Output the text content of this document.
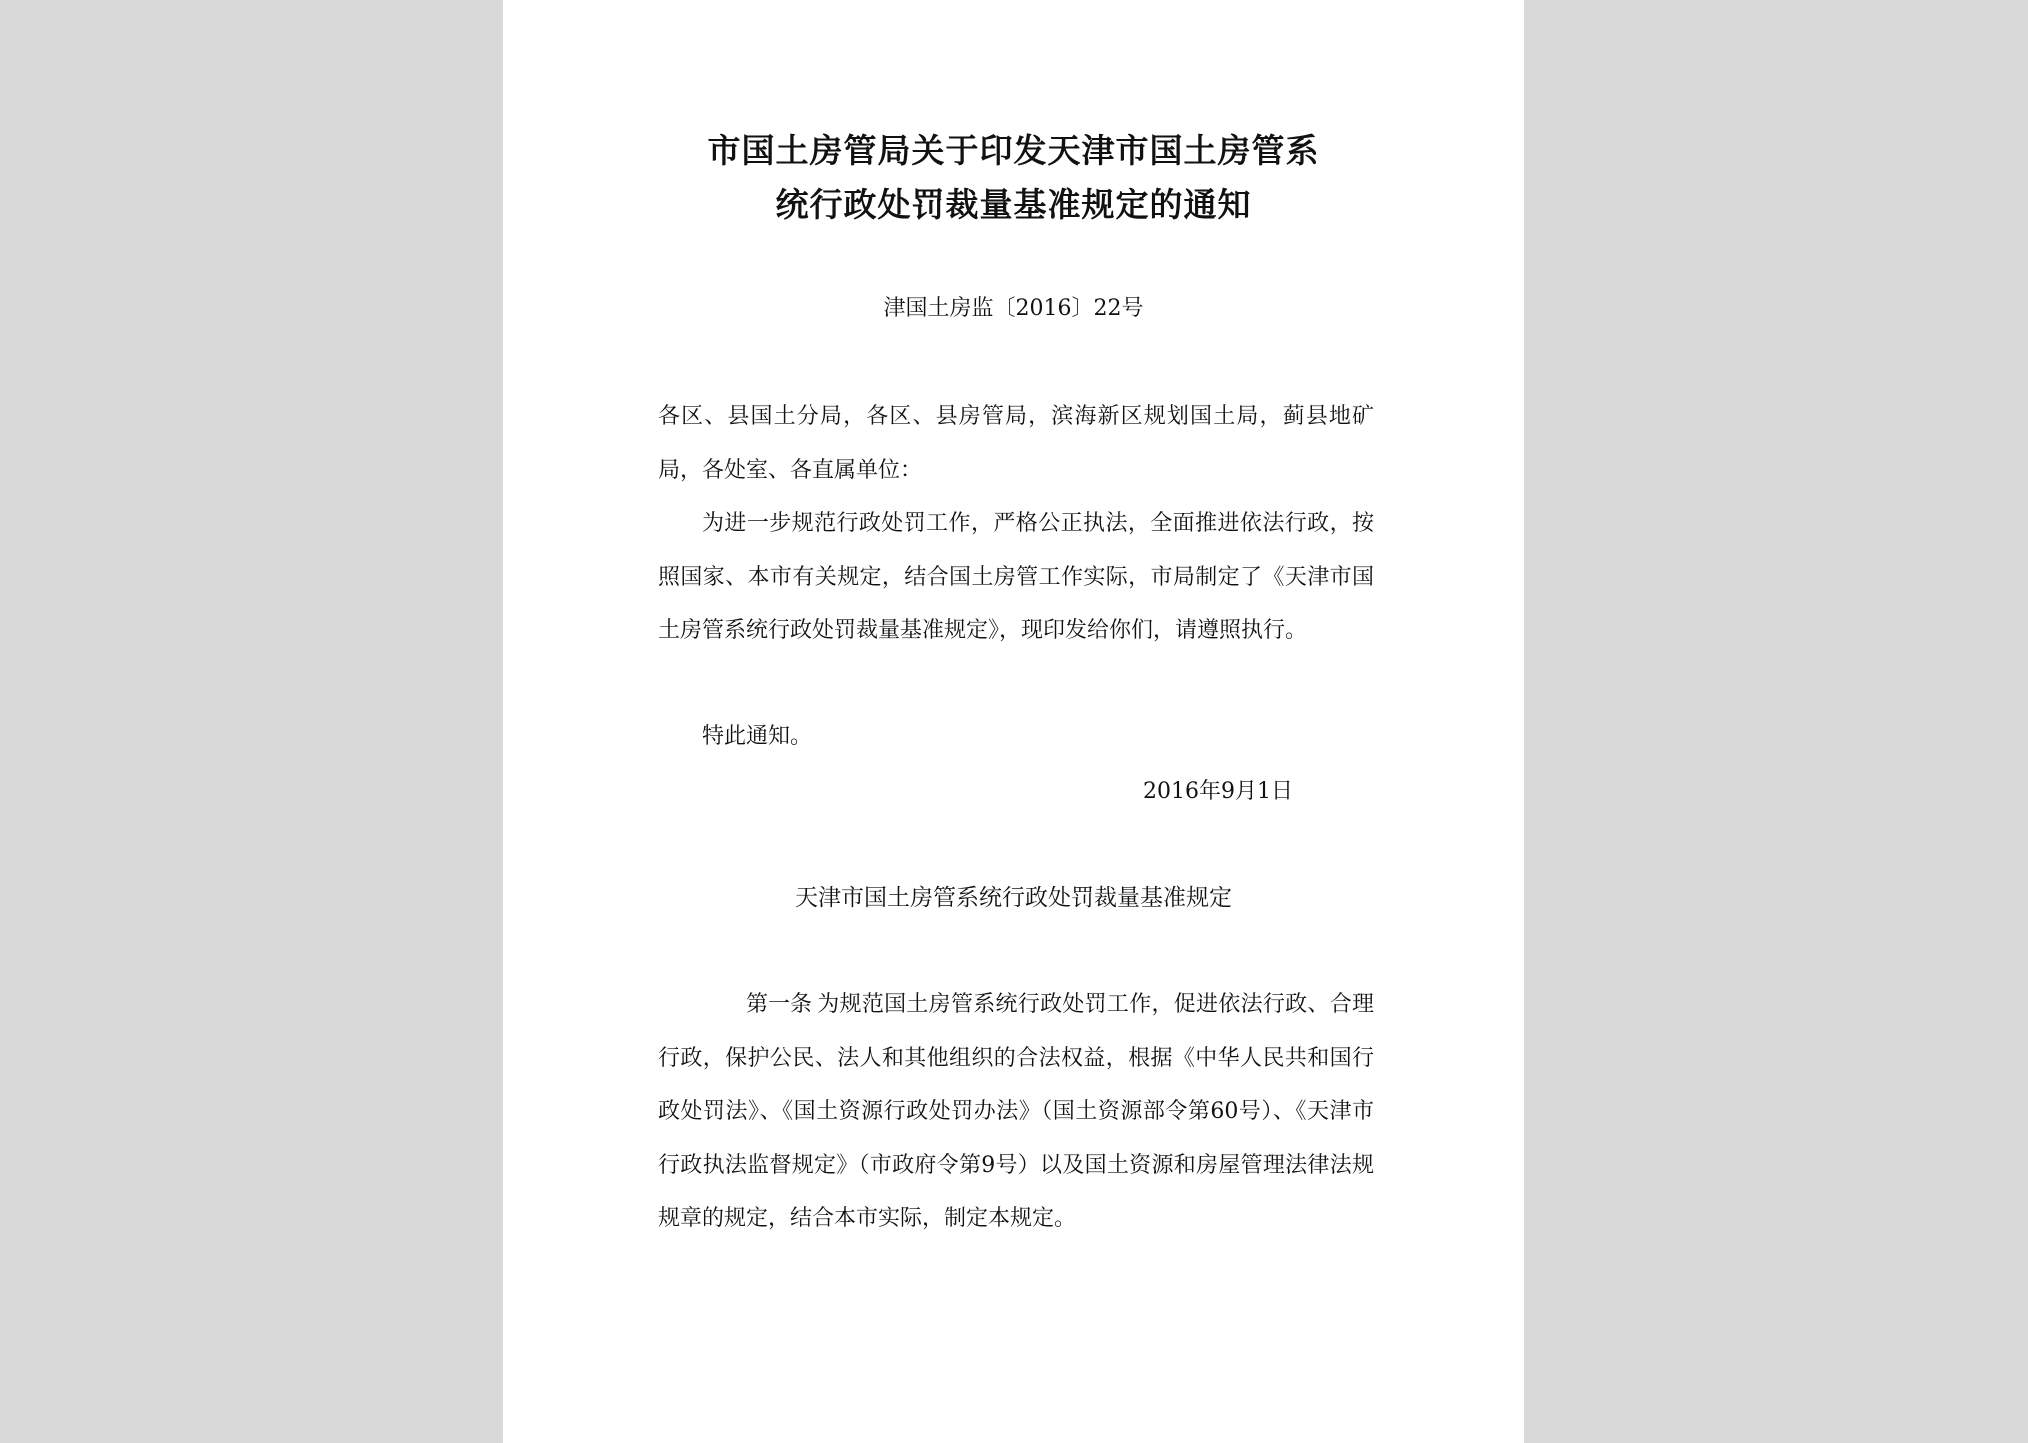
市国土房管局关于印发天津市国土房管系
统行政处罚裁量基准规定的通知

津国土房监〔2016〕22号

各区、县国土分局，各区、县房管局，滨海新区规划国土局，蓟县地矿局，各处室、各直属单位：

为进一步规范行政处罚工作，严格公正执法，全面推进依法行政，按照国家、本市有关规定，结合国土房管工作实际，市局制定了《天津市国土房管系统行政处罚裁量基准规定》，现印发给你们，请遵照执行。

特此通知。

2016年9月1日

天津市国土房管系统行政处罚裁量基准规定

第一条 为规范国土房管系统行政处罚工作，促进依法行政、合理行政，保护公民、法人和其他组织的合法权益，根据《中华人民共和国行政处罚法》、《国土资源行政处罚办法》（国土资源部令第60号）、《天津市行政执法监督规定》（市政府令第9号）以及国土资源和房屋管理法律法规规章的规定，结合本市实际，制定本规定。
